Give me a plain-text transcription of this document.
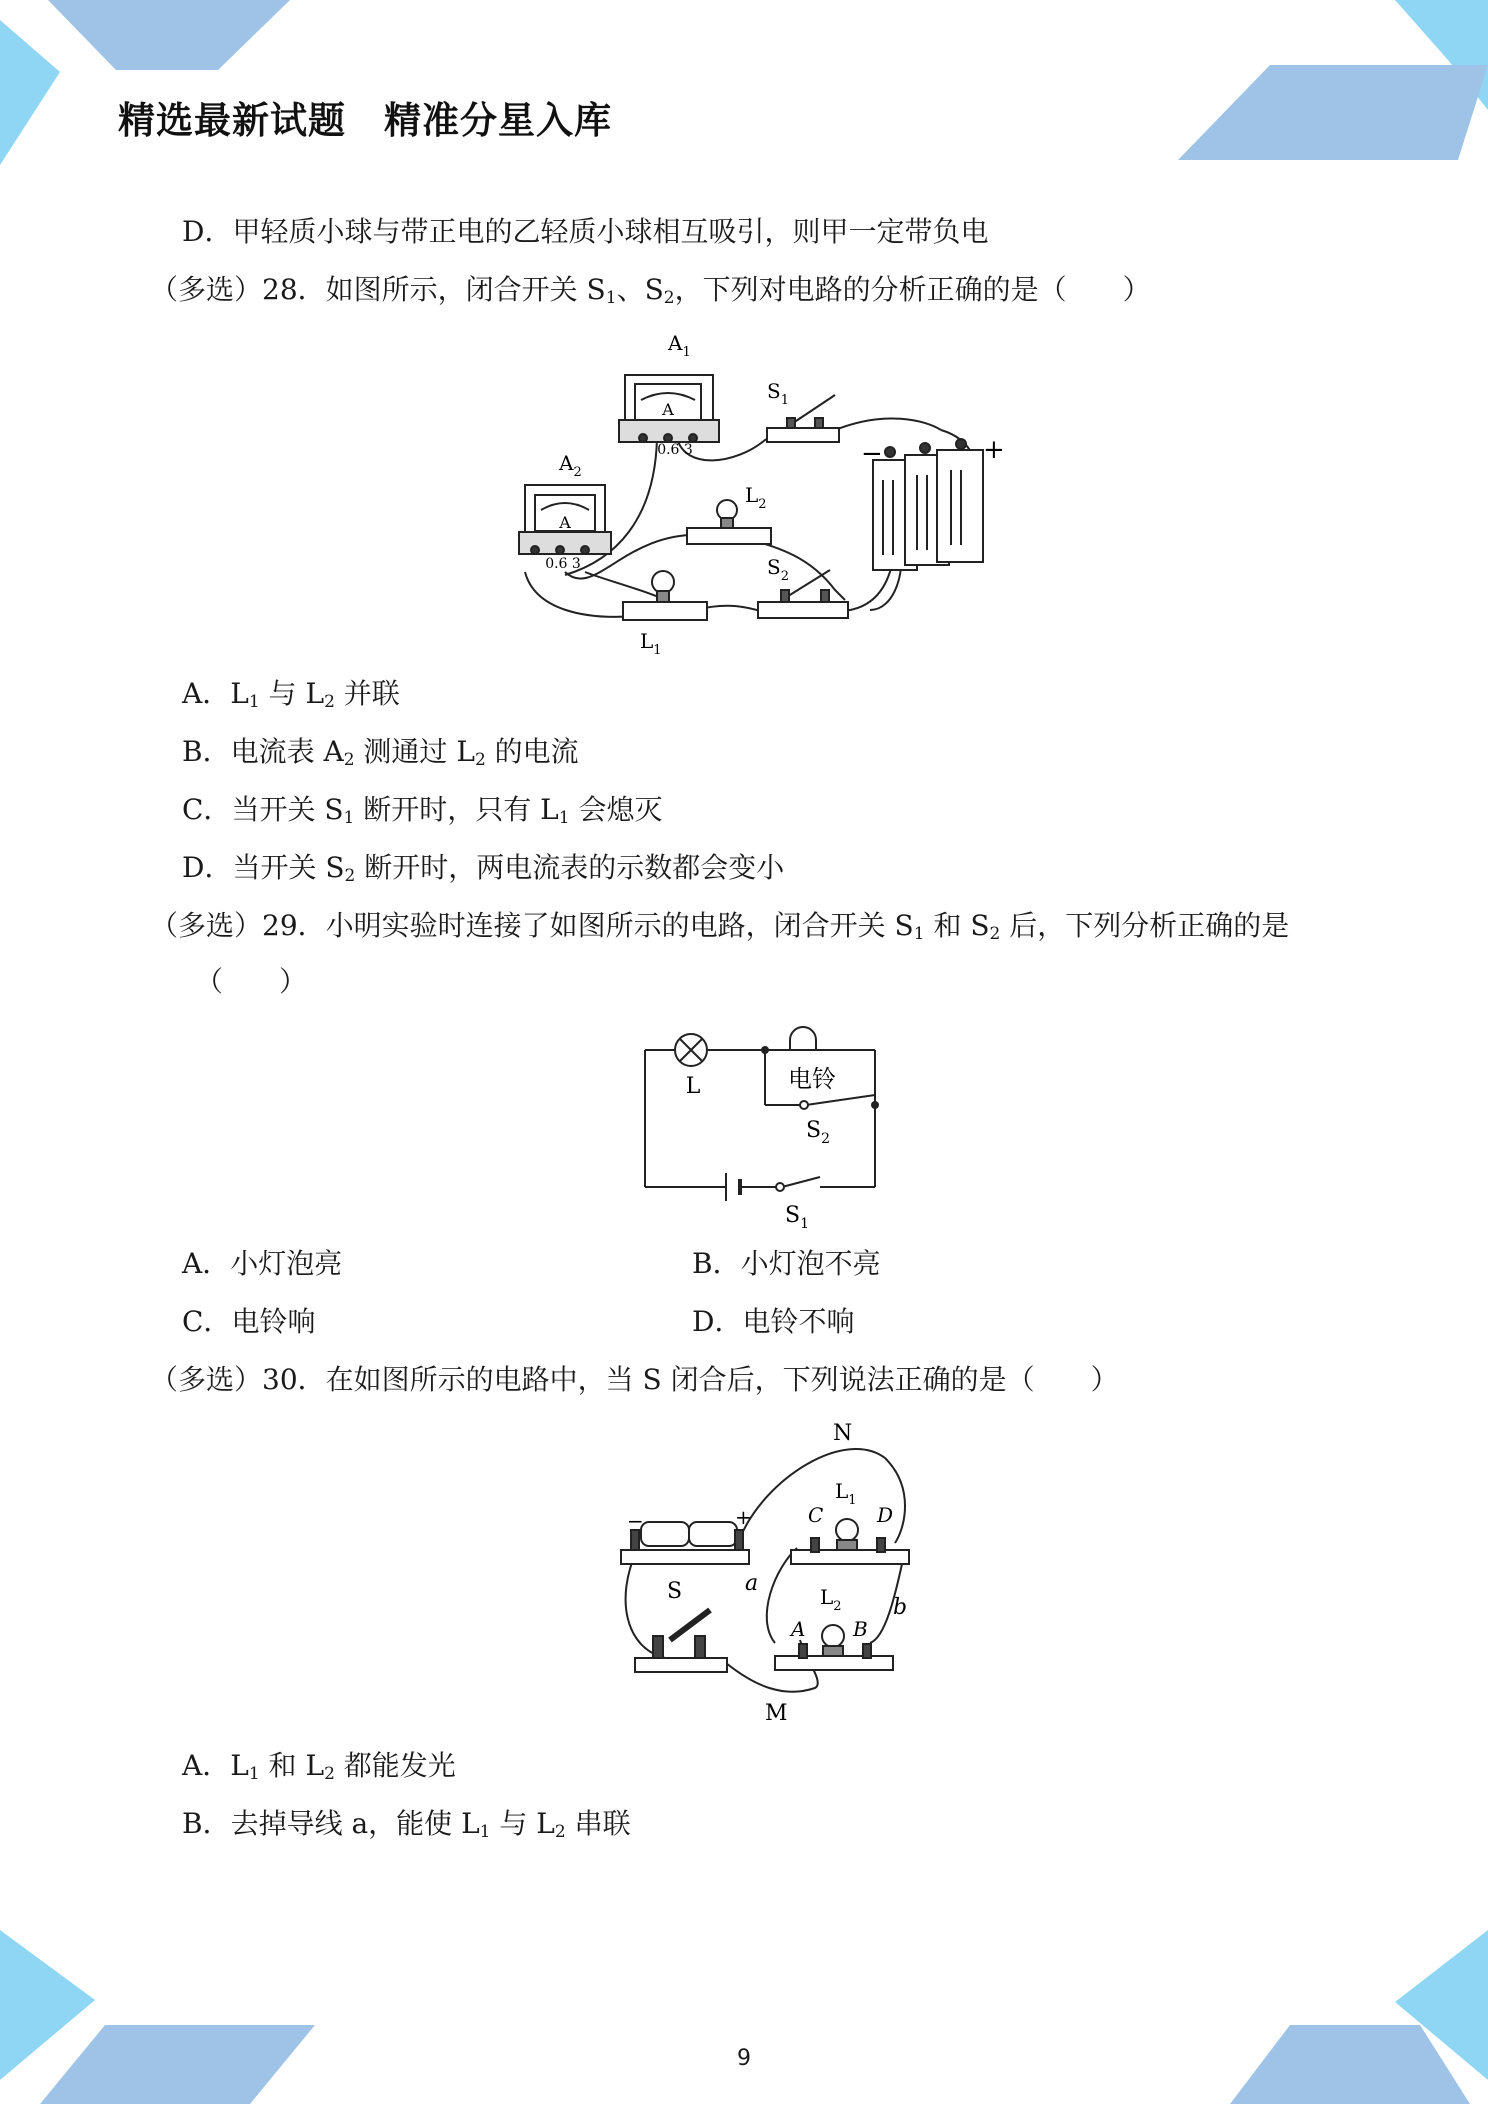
精选最新试题　精准分星入库
D．甲轻质小球与带正电的乙轻质小球相互吸引，则甲一定带负电
（多选）28．如图所示，闭合开关 $S_1$、$S_2$，下列对电路的分析正确的是（　　）
A
0.6 3
$A_1$
A
0.6 3
$A_2$
$S_1$
$L_2$
$L_1$
$S_2$
−	+
A．$L_1$ 与 $L_2$ 并联
B．电流表 $A_2$ 测通过 $L_2$ 的电流
C．当开关 $S_1$ 断开时，只有 $L_1$ 会熄灭
D．当开关 $S_2$ 断开时，两电流表的示数都会变小
（多选）29．小明实验时连接了如图所示的电路，闭合开关 $S_1$ 和 $S_2$ 后，下列分析正确的是
（　　）
L	电铃
$S_2$
$S_1$
A．小灯泡亮	B．小灯泡不亮
C．电铃响	D．电铃不响
（多选）30．在如图所示的电路中，当 S 闭合后，下列说法正确的是（　　）
−	+
S
$L_1$
C	D
$L_2$
A B
N
M
a
b
A．$L_1$ 和 $L_2$ 都能发光
B．去掉导线 a，能使 $L_1$ 与 $L_2$ 串联
9
